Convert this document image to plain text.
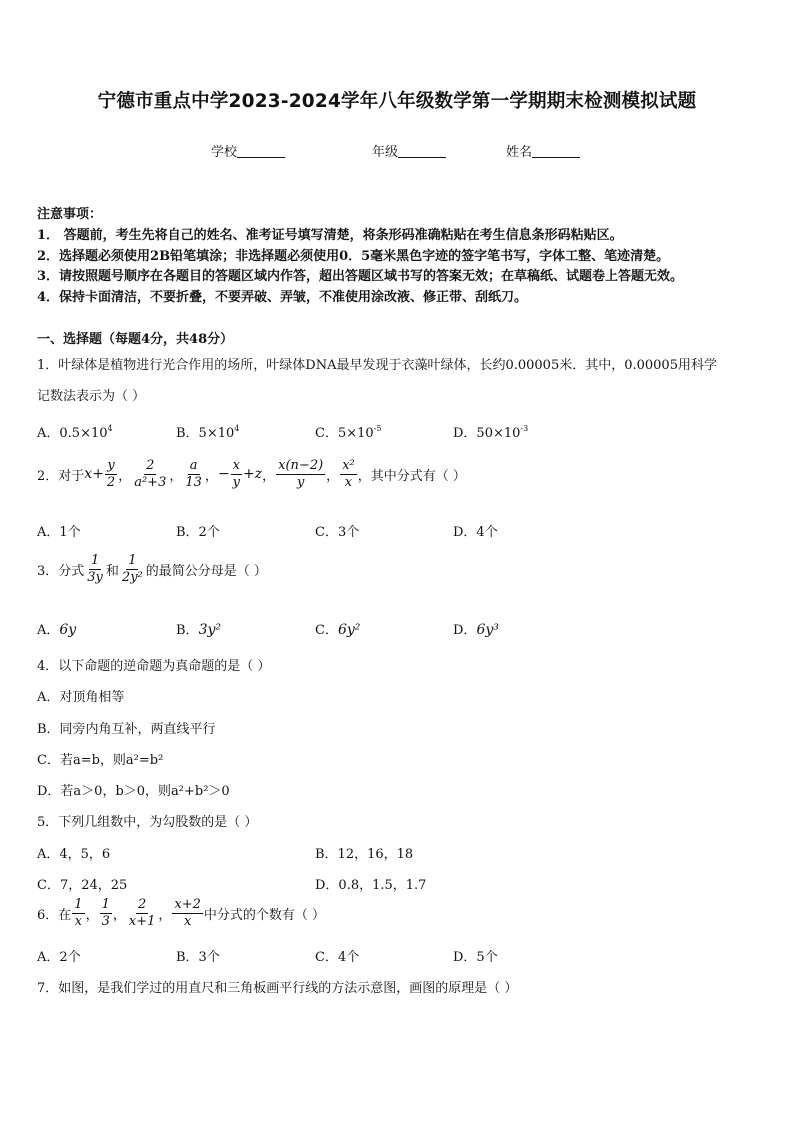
宁德市重点中学2023-2024学年八年级数学第一学期期末检测模拟试题
学校	年级	姓名
注意事项：
1． 答题前，考生先将自己的姓名、准考证号填写清楚，将条形码准确粘贴在考生信息条形码粘贴区。
2．选择题必须使用2B铅笔填涂；非选择题必须使用0．5毫米黑色字迹的签字笔书写，字体工整、笔迹清楚。
3．请按照题号顺序在各题目的答题区域内作答，超出答题区域书写的答案无效；在草稿纸、试题卷上答题无效。
4．保持卡面清洁，不要折叠，不要弄破、弄皱，不准使用涂改液、修正带、刮纸刀。
一、选择题（每题4分，共48分）
1．叶绿体是植物进行光合作用的场所，叶绿体DNA最早发现于衣藻叶绿体，长约0.00005米．其中，0.00005用科学
记数法表示为（ ）
A．$0.5\times 10^4$	B．$5\times 10^4$	C．$5\times 10^{-5}$	D．$50\times 10^{-3}$
2．对于 $x + \frac{y}{2}$ ， $\frac{2}{\text{a²+3}}$ ， $\frac{a}{13}$ ， − $\frac{x}{y} +z$ ， $\frac{x(n-2)}{y}$ ， $\frac{\text{x²}}{x}$ ，其中分式有（ ）
A．1个	B．2个	C．3个	D．4个
3．分式 $\frac{1}{3y}$ 和 $\frac{1}{\text{2y²}}$ 的最简公分母是（ ）
A．6y	B．3y²	C．6y²	D．6y³
4．以下命题的逆命题为真命题的是（ ）
A．对顶角相等
B．同旁内角互补，两直线平行
C．若a=b，则a²=b²
D．若a＞0，b＞0，则a²+b²＞0
5．下列几组数中，为勾股数的是（ ）
A．4，5，6	B．12，16，18
C．7，24，25	D．0.8，1.5，1.7
6．在 $\frac{1}{x}$ ， $\frac{1}{3}$ ， $\frac{2}{x+1}$ ， $\frac{x+2}{x}$ 中分式的个数有（ ）
A．2个	B．3个	C．4个	D．5个
7．如图，是我们学过的用直尺和三角板画平行线的方法示意图，画图的原理是（ ）
